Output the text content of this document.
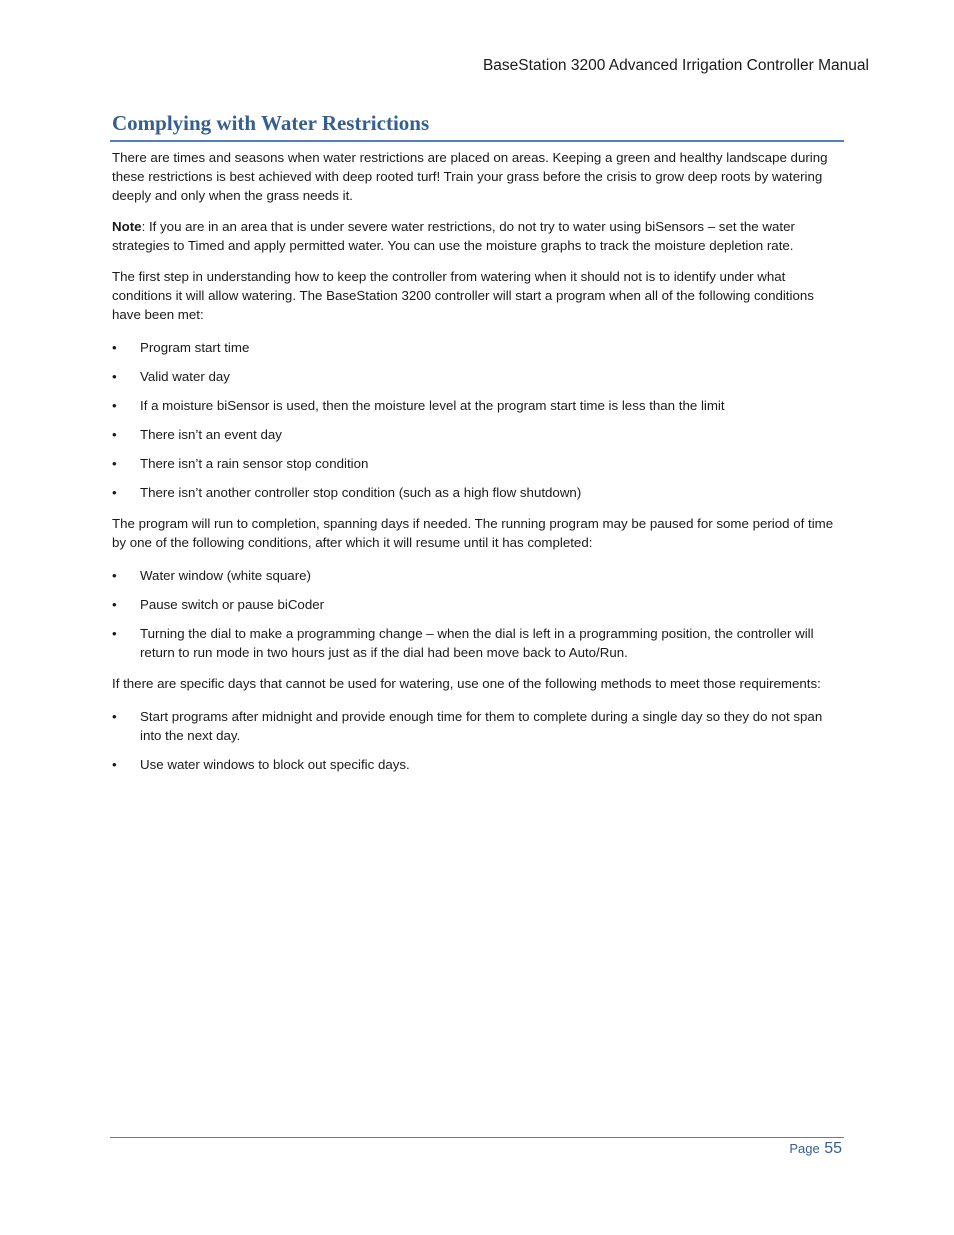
BaseStation 3200 Advanced Irrigation Controller Manual
Complying with Water Restrictions

There are times and seasons when water restrictions are placed on areas. Keeping a green and healthy landscape during these restrictions is best achieved with deep rooted turf! Train your grass before the crisis to grow deep roots by watering deeply and only when the grass needs it.

Note: If you are in an area that is under severe water restrictions, do not try to water using biSensors – set the water strategies to Timed and apply permitted water. You can use the moisture graphs to track the moisture depletion rate.

The first step in understanding how to keep the controller from watering when it should not is to identify under what conditions it will allow watering. The BaseStation 3200 controller will start a program when all of the following conditions have been met:

• Program start time
• Valid water day
• If a moisture biSensor is used, then the moisture level at the program start time is less than the limit
• There isn’t an event day
• There isn’t a rain sensor stop condition
• There isn’t another controller stop condition (such as a high flow shutdown)

The program will run to completion, spanning days if needed. The running program may be paused for some period of time by one of the following conditions, after which it will resume until it has completed:

• Water window (white square)
• Pause switch or pause biCoder
• Turning the dial to make a programming change – when the dial is left in a programming position, the controller will return to run mode in two hours just as if the dial had been move back to Auto/Run.

If there are specific days that cannot be used for watering, use one of the following methods to meet those requirements:

• Start programs after midnight and provide enough time for them to complete during a single day so they do not span into the next day.
• Use water windows to block out specific days.
Page 55
